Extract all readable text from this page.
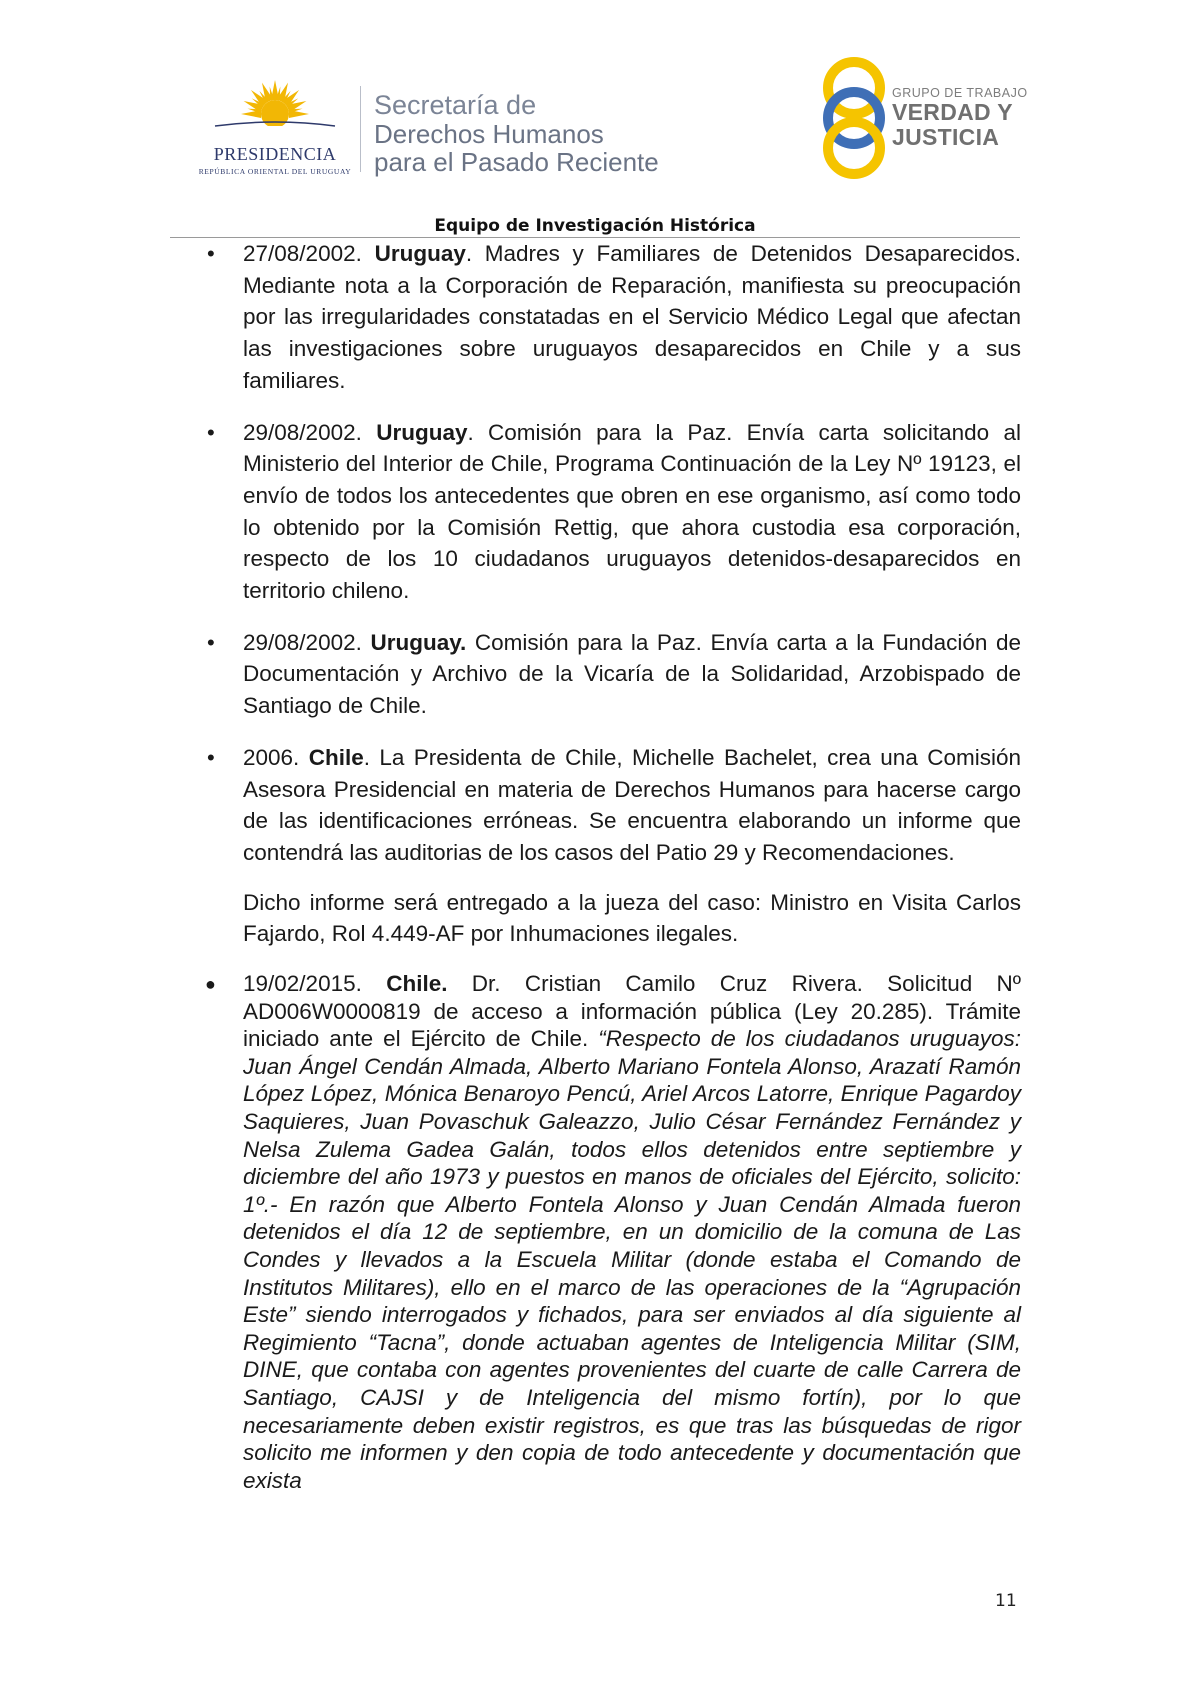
PRESIDENCIA
REPÚBLICA ORIENTAL DEL URUGUAY
Secretaría de
Derechos Humanos
para el Pasado Reciente
GRUPO DE TRABAJO
VERDAD Y
JUSTICIA
Equipo de Investigación Histórica
• 27/08/2002. Uruguay. Madres y Familiares de Detenidos Desaparecidos. Mediante nota a la Corporación de Reparación, manifiesta su preocupación por las irregularidades constatadas en el Servicio Médico Legal que afectan las investigaciones sobre uruguayos desaparecidos en Chile y a sus familiares.

• 29/08/2002. Uruguay. Comisión para la Paz. Envía carta solicitando al Ministerio del Interior de Chile, Programa Continuación de la Ley Nº 19123, el envío de todos los antecedentes que obren en ese organismo, así como todo lo obtenido por la Comisión Rettig, que ahora custodia esa corporación, respecto de los 10 ciudadanos uruguayos detenidos-desaparecidos en territorio chileno.

• 29/08/2002. Uruguay. Comisión para la Paz. Envía carta a la Fundación de Documentación y Archivo de la Vicaría de la Solidaridad, Arzobispado de Santiago de Chile.

• 2006. Chile. La Presidenta de Chile, Michelle Bachelet, crea una Comisión Asesora Presidencial en materia de Derechos Humanos para hacerse cargo de las identificaciones erróneas. Se encuentra elaborando un informe que contendrá las auditorias de los casos del Patio 29 y Recomendaciones.

Dicho informe será entregado a la jueza del caso: Ministro en Visita Carlos Fajardo, Rol 4.449-AF por Inhumaciones ilegales.

● 19/02/2015. Chile. Dr. Cristian Camilo Cruz Rivera. Solicitud Nº AD006W0000819 de acceso a información pública (Ley 20.285). Trámite iniciado ante el Ejército de Chile. “Respecto de los ciudadanos uruguayos: Juan Ángel Cendán Almada, Alberto Mariano Fontela Alonso, Arazatí Ramón López López, Mónica Benaroyo Pencú, Ariel Arcos Latorre, Enrique Pagardoy Saquieres, Juan Povaschuk Galeazzo, Julio César Fernández Fernández y Nelsa Zulema Gadea Galán, todos ellos detenidos entre septiembre y diciembre del año 1973 y puestos en manos de oficiales del Ejército, solicito: 1º.- En razón que Alberto Fontela Alonso y Juan Cendán Almada fueron detenidos el día 12 de septiembre, en un domicilio de la comuna de Las Condes y llevados a la Escuela Militar (donde estaba el Comando de Institutos Militares), ello en el marco de las operaciones de la “Agrupación Este” siendo interrogados y fichados, para ser enviados al día siguiente al Regimiento “Tacna”, donde actuaban agentes de Inteligencia Militar (SIM, DINE, que contaba con agentes provenientes del cuarte de calle Carrera de Santiago, CAJSI y de Inteligencia del mismo fortín), por lo que necesariamente deben existir registros, es que tras las búsquedas de rigor solicito me informen y den copia de todo antecedente y documentación que exista

11
